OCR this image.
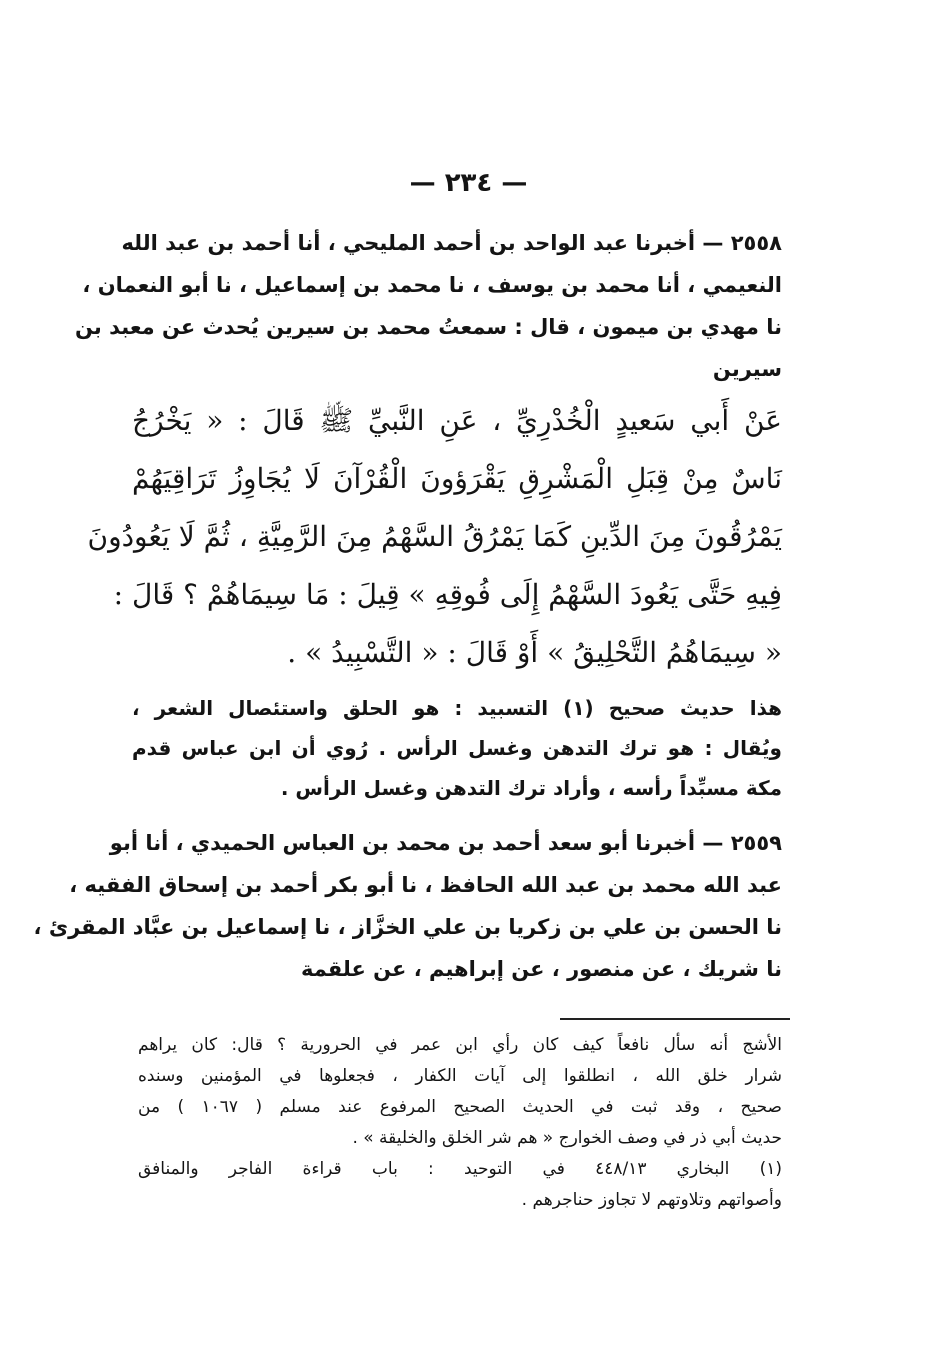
— ٢٣٤ —
٢٥٥٨ — أخبرنا عبد الواحد بن أحمد المليحي ، أنا أحمد بن عبد الله
النعيمي ، أنا محمد بن يوسف ، نا محمد بن إسماعيل ، نا أبو النعمان ،
نا مهدي بن ميمون ، قال : سمعتُ محمد بن سيرين يُحدث عن معبد بن
سيرين
عَنْ أَبي سَعيدٍ الْخُدْرِيِّ ، عَنِ النَّبيِّ ﷺ قَالَ : « يَخْرُجُ
نَاسٌ مِنْ قِبَلِ الْمَشْرِقِ يَقْرَؤونَ الْقُرْآنَ لَا يُجَاوِزُ تَرَاقِيَهُمْ
يَمْرُقُونَ مِنَ الدِّينِ كَمَا يَمْرُقُ السَّهْمُ مِنَ الرَّمِيَّةِ ، ثُمَّ لَا يَعُودُونَ
فِيهِ حَتَّى يَعُودَ السَّهْمُ إِلَى فُوقِهِ » قِيلَ : مَا سِيمَاهُمْ ؟ قَالَ :
« سِيمَاهُمُ التَّحْلِيقُ » أَوْ قَالَ : « التَّسْبِيدُ » .
هذا حديث صحيح (١) التسبيد : هو الحلق واستئصال الشعر ،
ويُقال : هو ترك التدهن وغسل الرأس . رُوي أن ابن عباس قدم
مكة مسبِّداً رأسه ، وأراد ترك التدهن وغسل الرأس .
٢٥٥٩ — أخبرنا أبو سعد أحمد بن محمد بن العباس الحميدي ، أنا أبو
عبد الله محمد بن عبد الله الحافظ ، نا أبو بكر أحمد بن إسحاق الفقيه ،
نا الحسن بن علي بن زكريا بن علي الخزَّاز ، نا إسماعيل بن عبَّاد المقرئ ،
نا شريك ، عن منصور ، عن إبراهيم ، عن علقمة
الأشج أنه سأل نافعاً كيف كان رأي ابن عمر في الحرورية ؟ قال: كان يراهم
شرار خلق الله ، انطلقوا إلى آيات الكفار ، فجعلوها في المؤمنين وسنده
صحيح ، وقد ثبت في الحديث الصحيح المرفوع عند مسلم ( ١٠٦٧ ) من
حديث أبي ذر في وصف الخوارج « هم شر الخلق والخليقة » .
(١) البخاري ٤٤٨/١٣ في التوحيد : باب قراءة الفاجر والمنافق
وأصواتهم وتلاوتهم لا تجاوز حناجرهم .
